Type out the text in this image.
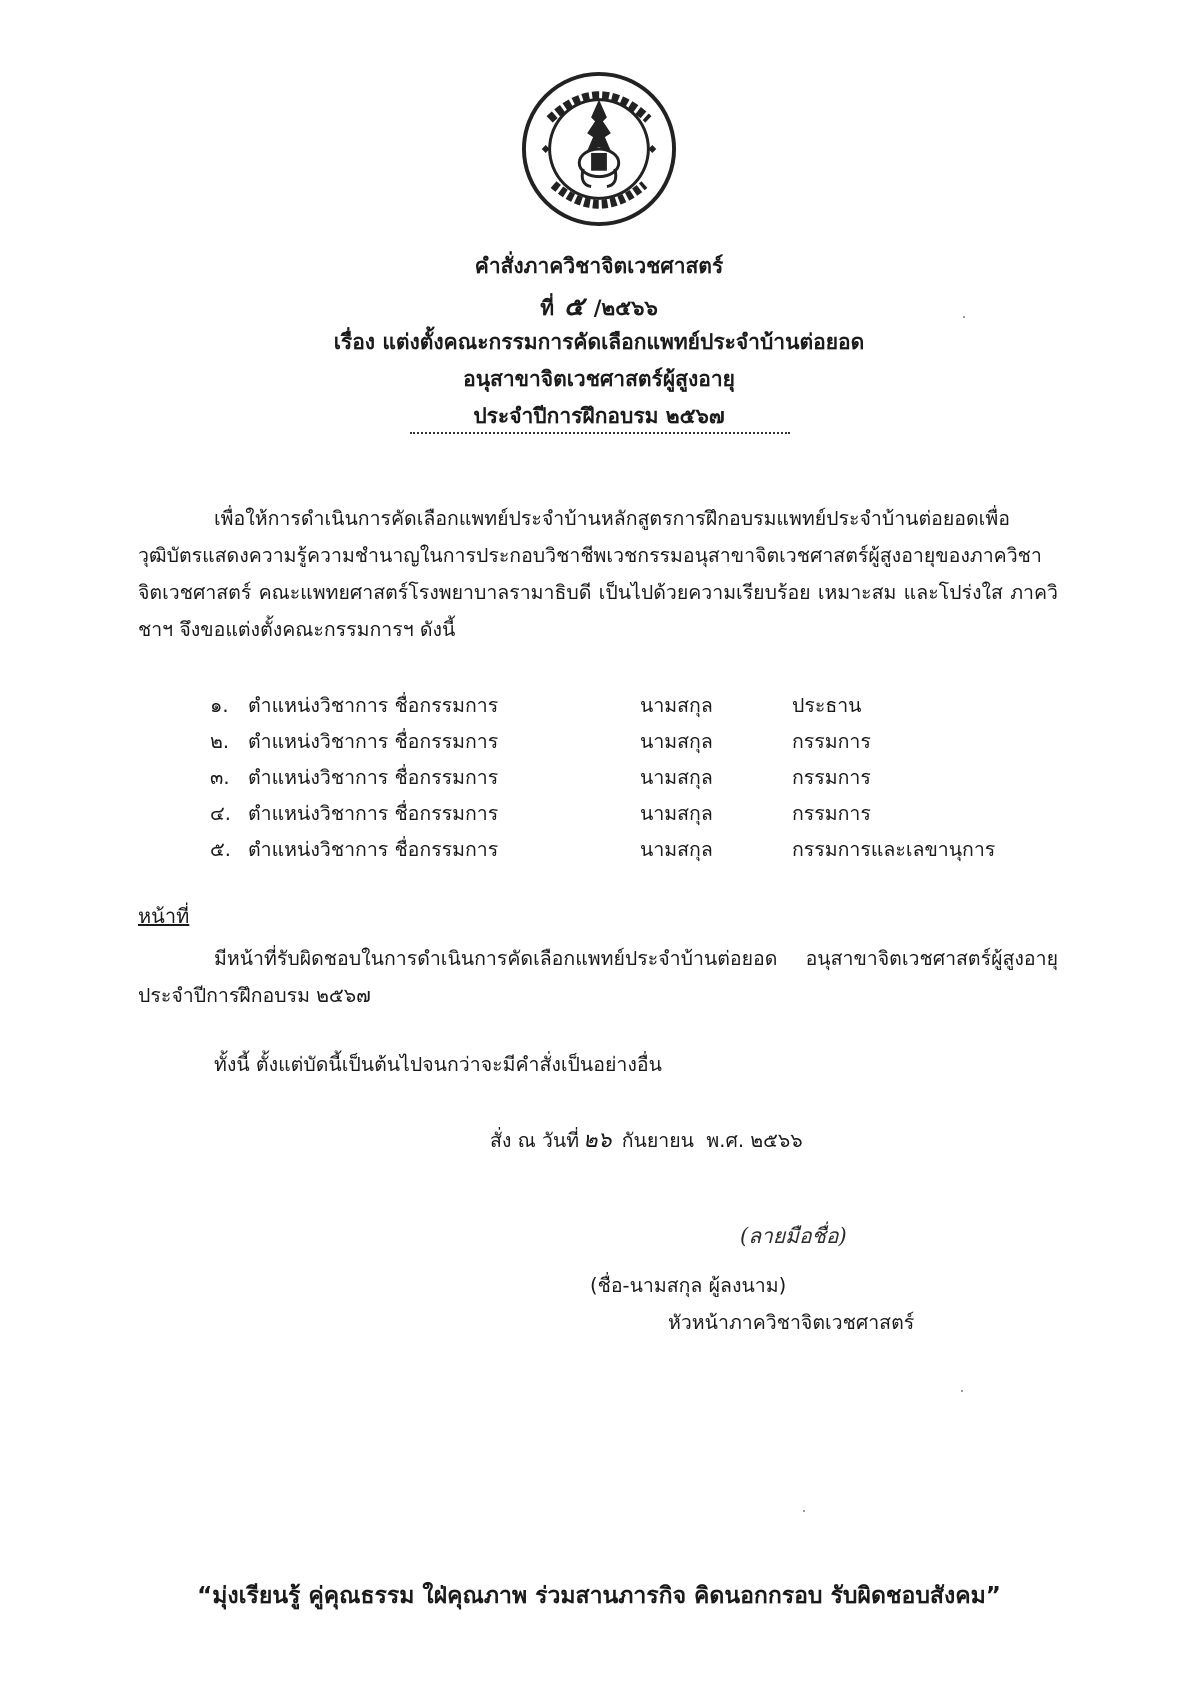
คำสั่งภาควิชาจิตเวชศาสตร์
ที่ ๕ /๒๕๖๖
เรื่อง แต่งตั้งคณะกรรมการคัดเลือกแพทย์ประจำบ้านต่อยอด
อนุสาขาจิตเวชศาสตร์ผู้สูงอายุ
ประจำปีการฝึกอบรม ๒๕๖๗
เพื่อให้การดำเนินการคัดเลือกแพทย์ประจำบ้านหลักสูตรการฝึกอบรมแพทย์ประจำบ้านต่อยอดเพื่อวุฒิบัตรแสดงความรู้ความชำนาญในการประกอบวิชาชีพเวชกรรมอนุสาขาจิตเวชศาสตร์ผู้สูงอายุของภาควิชาจิตเวชศาสตร์ คณะแพทยศาสตร์โรงพยาบาลรามาธิบดี เป็นไปด้วยความเรียบร้อย เหมาะสม และโปร่งใส ภาควิชาฯ จึงขอแต่งตั้งคณะกรรมการฯ ดังนี้
๑. ตำแหน่งวิชาการ ชื่อกรรมการ	นามสกุล	ประธาน
๒. ตำแหน่งวิชาการ ชื่อกรรมการ	นามสกุล	กรรมการ
๓. ตำแหน่งวิชาการ ชื่อกรรมการ	นามสกุล	กรรมการ
๔. ตำแหน่งวิชาการ ชื่อกรรมการ	นามสกุล	กรรมการ
๕. ตำแหน่งวิชาการ ชื่อกรรมการ	นามสกุล	กรรมการและเลขานุการ
หน้าที่
มีหน้าที่รับผิดชอบในการดำเนินการคัดเลือกแพทย์ประจำบ้านต่อยอด อนุสาขาจิตเวชศาสตร์ผู้สูงอายุ ประจำปีการฝึกอบรม ๒๕๖๗
ทั้งนี้ ตั้งแต่บัดนี้เป็นต้นไปจนกว่าจะมีคำสั่งเป็นอย่างอื่น
สั่ง ณ วันที่ ๒๖ กันยายน พ.ศ. ๒๕๖๖
(ลายมือชื่อ)
(ชื่อ-นามสกุล ผู้ลงนาม)
หัวหน้าภาควิชาจิตเวชศาสตร์
“มุ่งเรียนรู้ คู่คุณธรรม ใฝ่คุณภาพ ร่วมสานภารกิจ คิดนอกกรอบ รับผิดชอบสังคม”
